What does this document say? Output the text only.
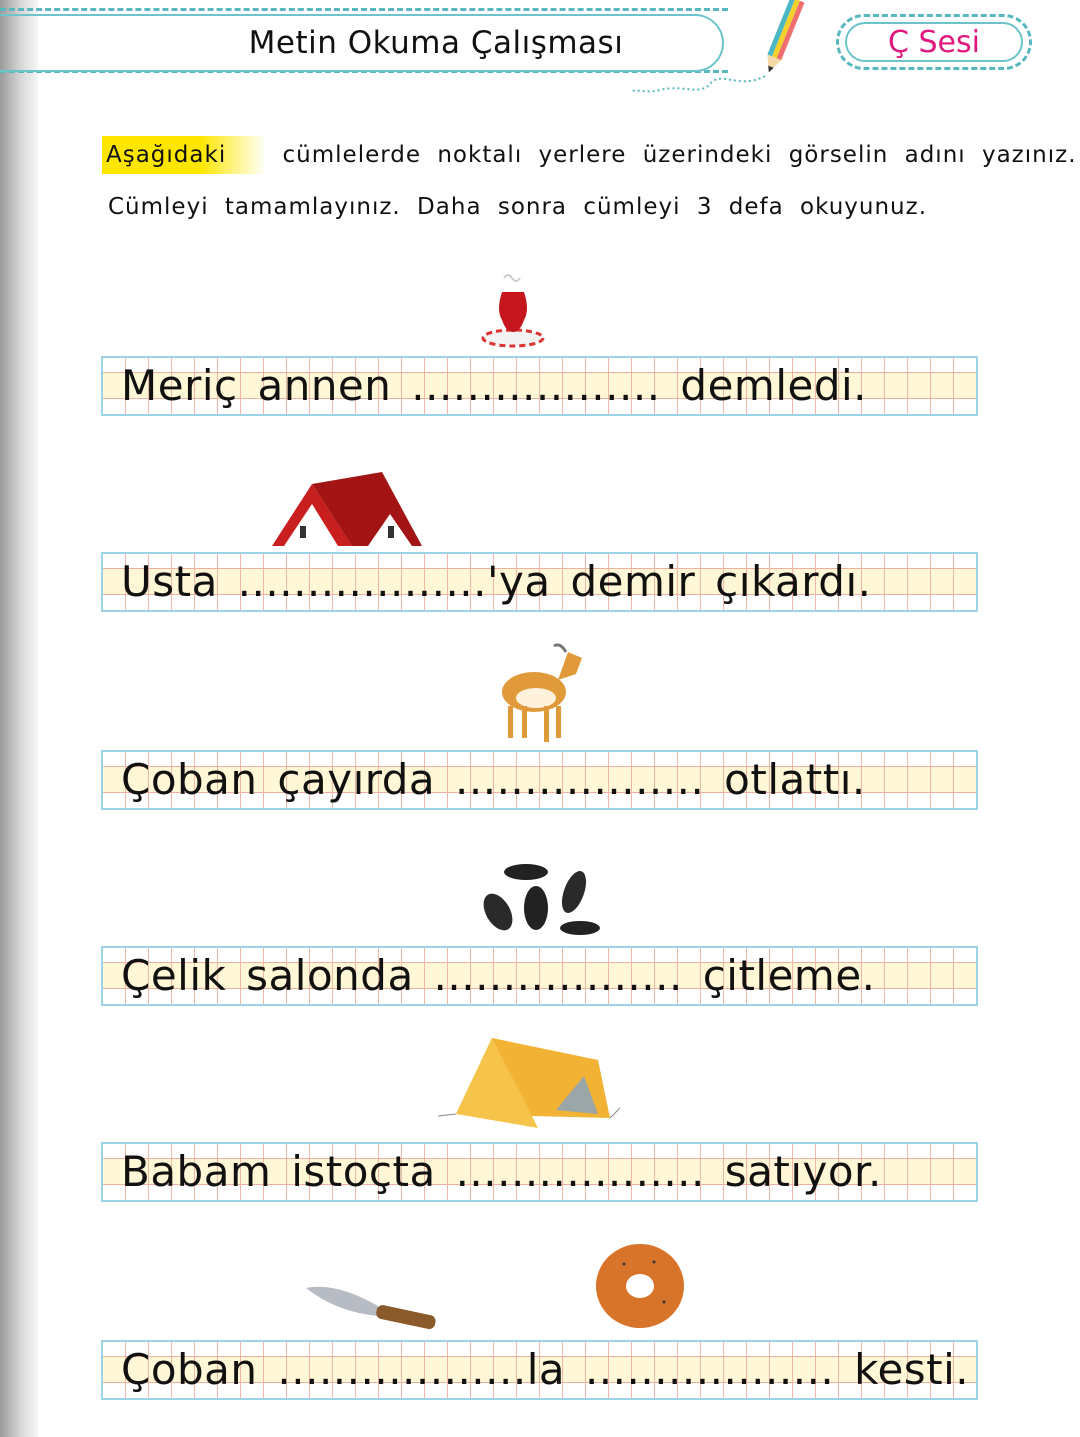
Metin Okuma Çalışması	Ç Sesi
Aşağıdaki cümlelerde noktalı yerlere üzerindeki görselin adını yazınız.
Cümleyi tamamlayınız. Daha sonra cümleyi 3 defa okuyunuz.
Meriç annen .................. demledi.
Usta ..................'ya demir çıkardı.
Çoban çayırda .................. otlattı.
Çelik salonda .................. çitleme.
Babam istoçta .................. satıyor.
Çoban ..................la .................. kesti.
